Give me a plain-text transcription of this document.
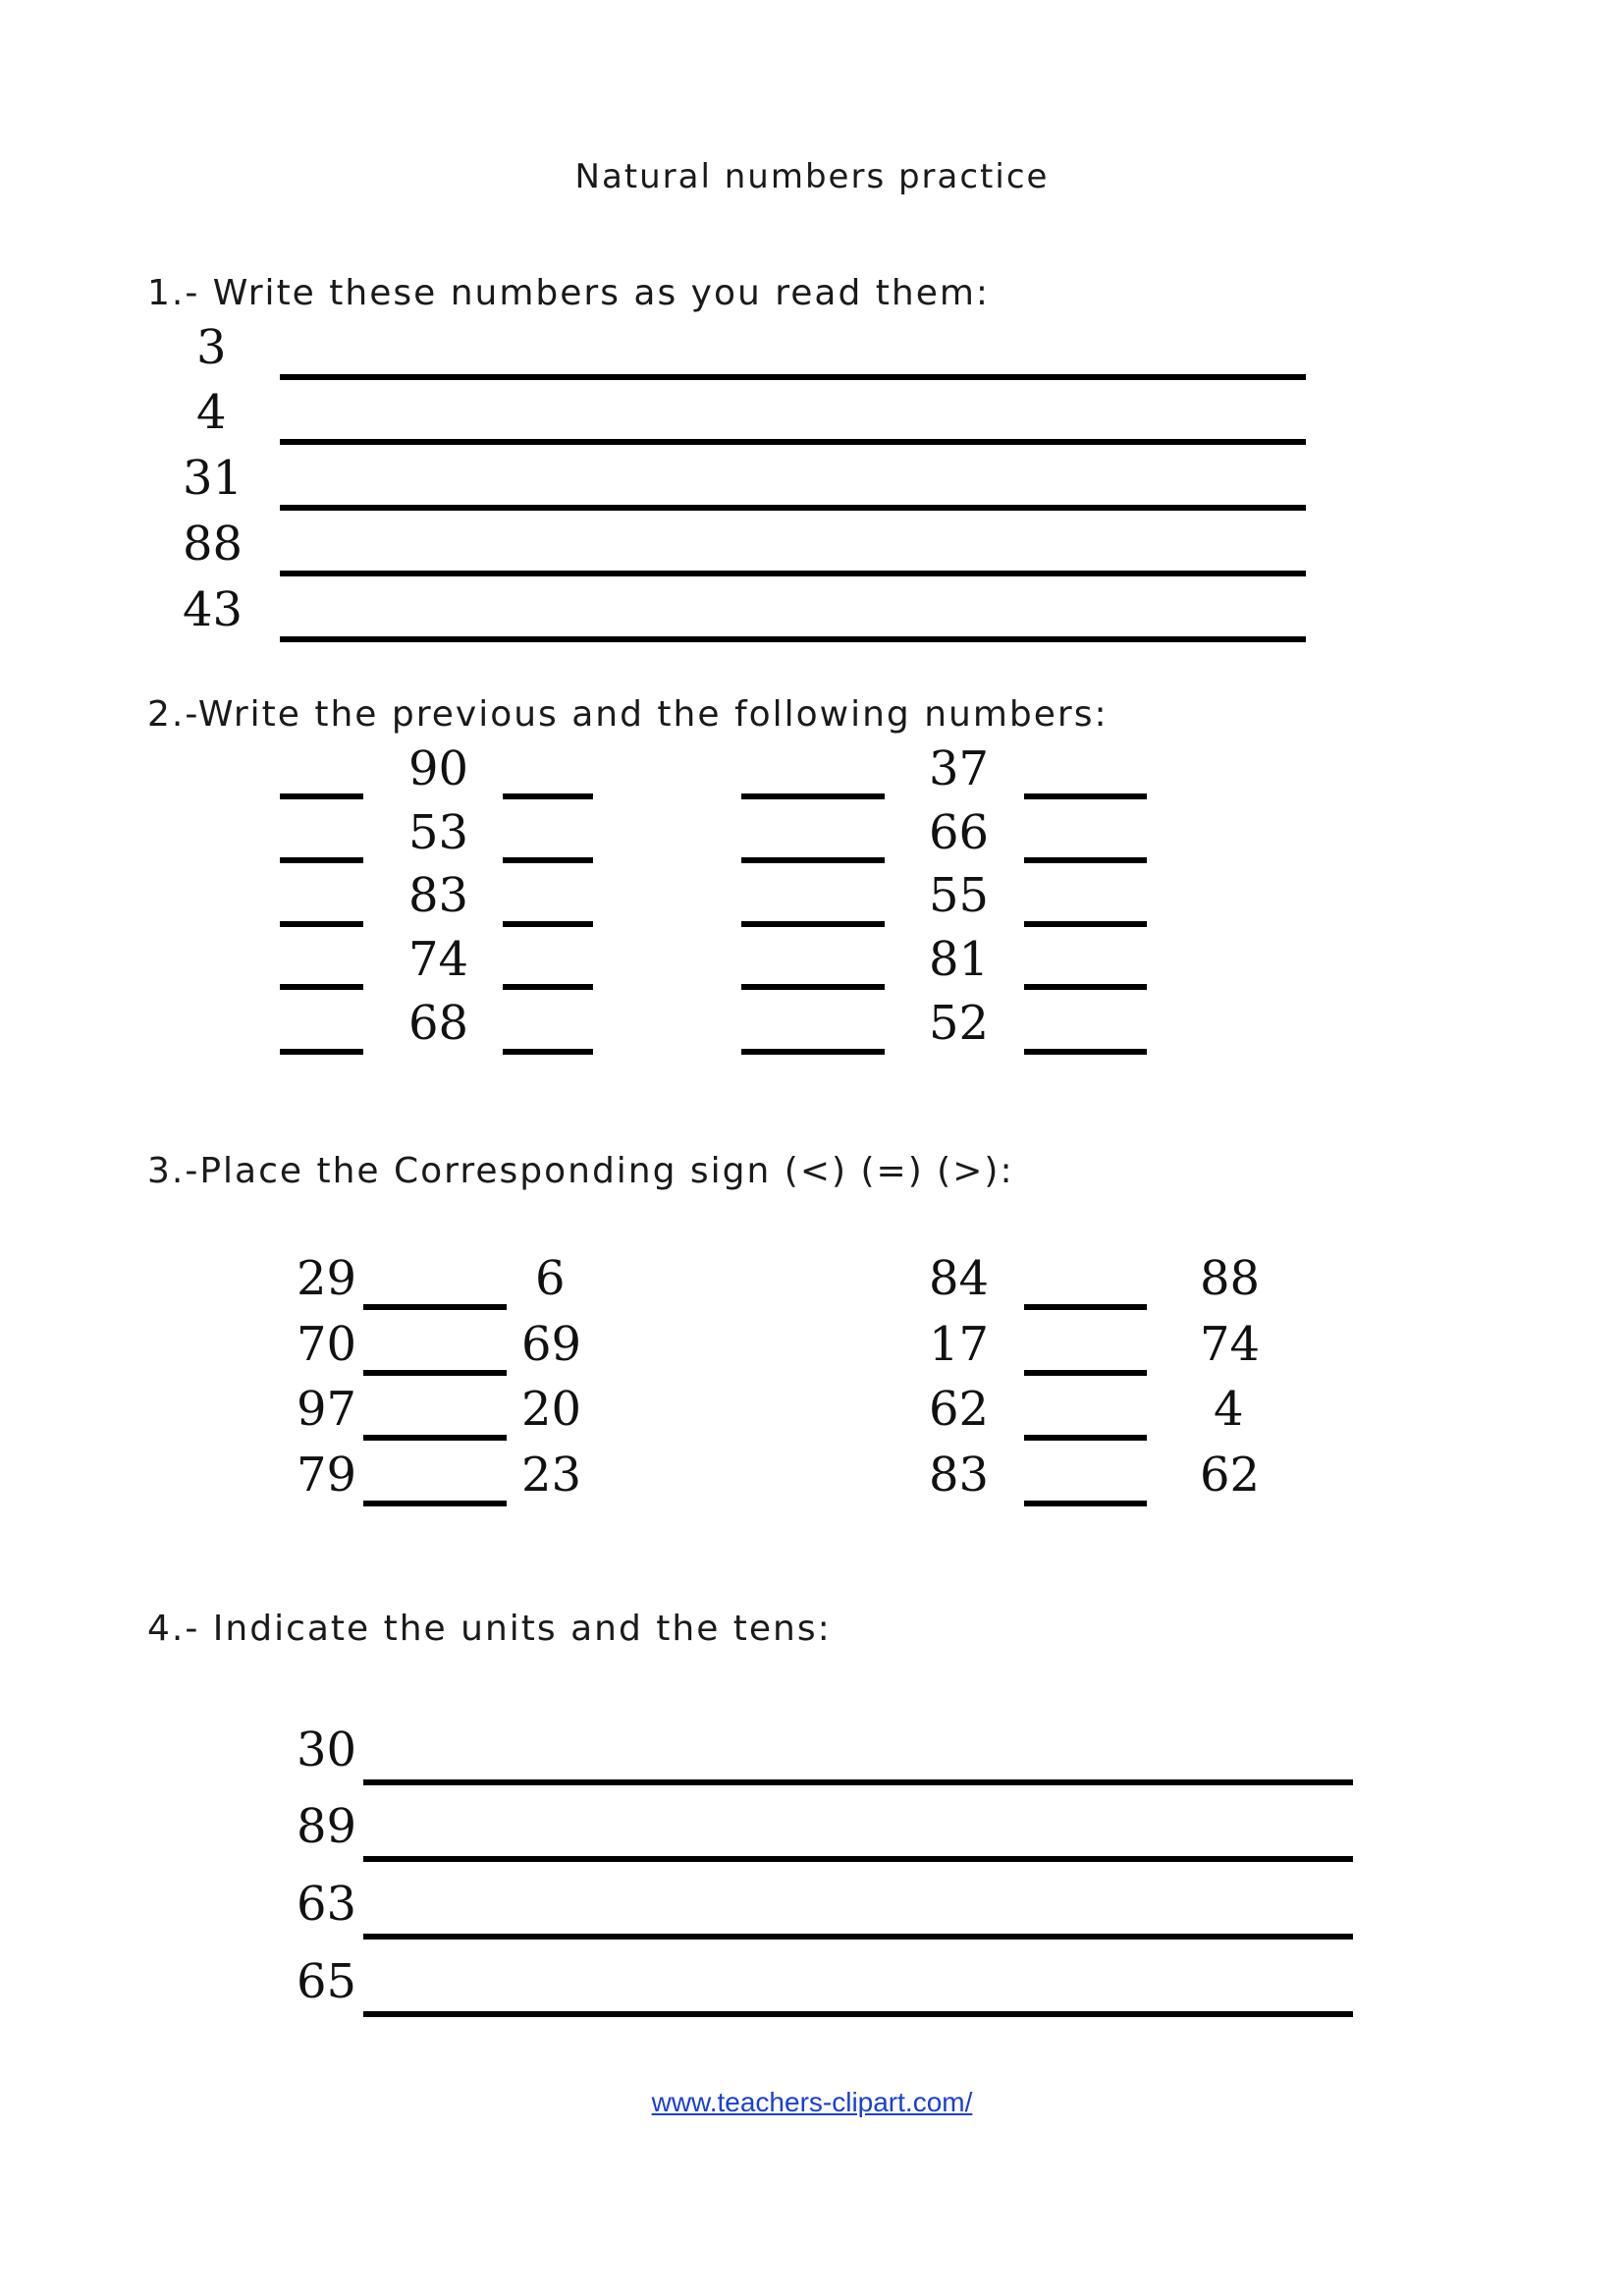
Natural numbers practice
1.- Write these numbers as you read them:
3
4
31
88
43
2.-Write the previous and the following numbers:
90	37
53	66
83	55
74	81
68	52
3.-Place the Corresponding sign (<) (=) (>):
29	6
70	69
97	20
79	23
84	88
17	74
62	4
83	62
4.- Indicate the units and the tens:
30
89
63
65
www.teachers-clipart.com/
